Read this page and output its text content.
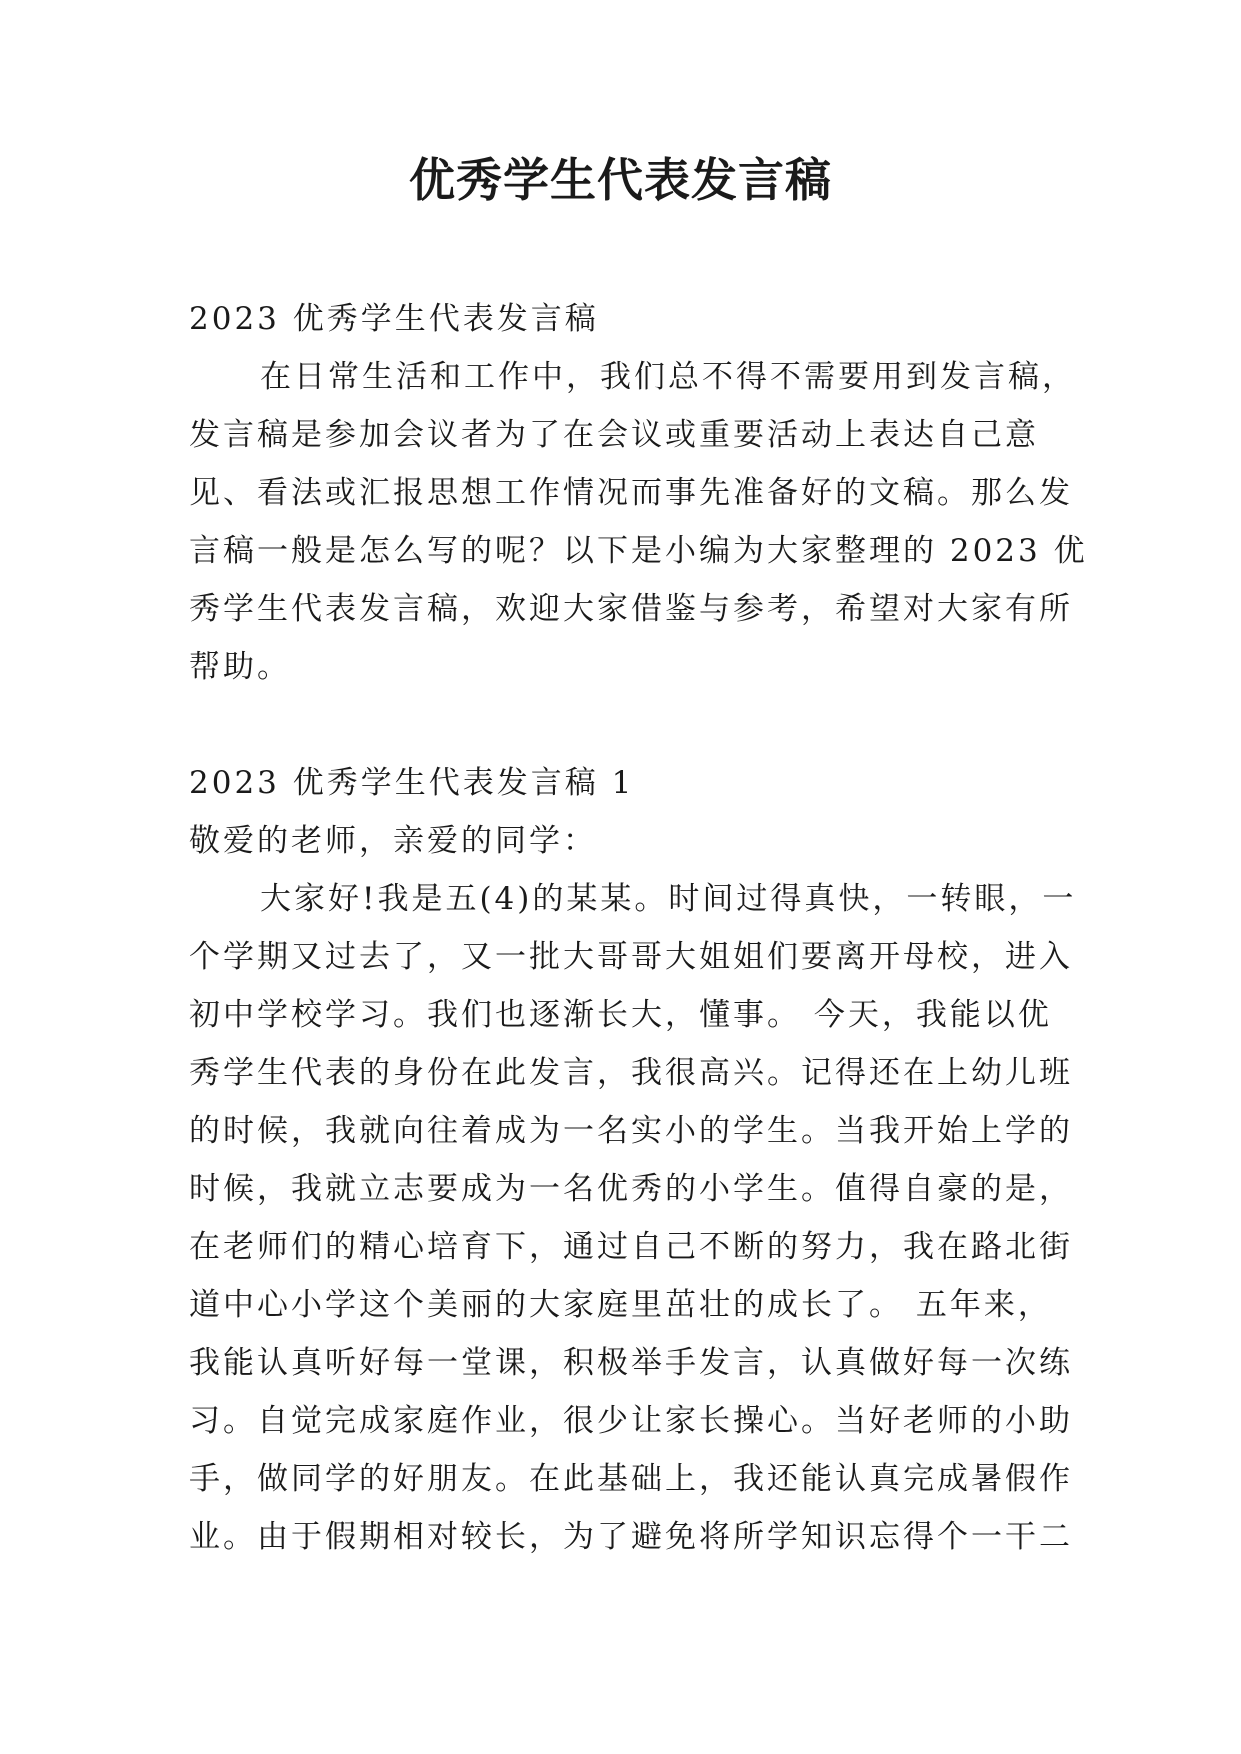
优秀学生代表发言稿
2023 优秀学生代表发言稿
在日常生活和工作中，我们总不得不需要用到发言稿，
发言稿是参加会议者为了在会议或重要活动上表达自己意
见、看法或汇报思想工作情况而事先准备好的文稿。那么发
言稿一般是怎么写的呢？以下是小编为大家整理的 2023 优
秀学生代表发言稿，欢迎大家借鉴与参考，希望对大家有所
帮助。
2023 优秀学生代表发言稿 1
敬爱的老师，亲爱的同学：
大家好!我是五(4)的某某。时间过得真快，一转眼，一
个学期又过去了，又一批大哥哥大姐姐们要离开母校，进入
初中学校学习。我们也逐渐长大，懂事。 今天，我能以优
秀学生代表的身份在此发言，我很高兴。记得还在上幼儿班
的时候，我就向往着成为一名实小的学生。当我开始上学的
时候，我就立志要成为一名优秀的小学生。值得自豪的是，
在老师们的精心培育下，通过自己不断的努力，我在路北街
道中心小学这个美丽的大家庭里茁壮的成长了。 五年来，
我能认真听好每一堂课，积极举手发言，认真做好每一次练
习。自觉完成家庭作业，很少让家长操心。当好老师的小助
手，做同学的好朋友。在此基础上，我还能认真完成暑假作
业。由于假期相对较长，为了避免将所学知识忘得个一干二
